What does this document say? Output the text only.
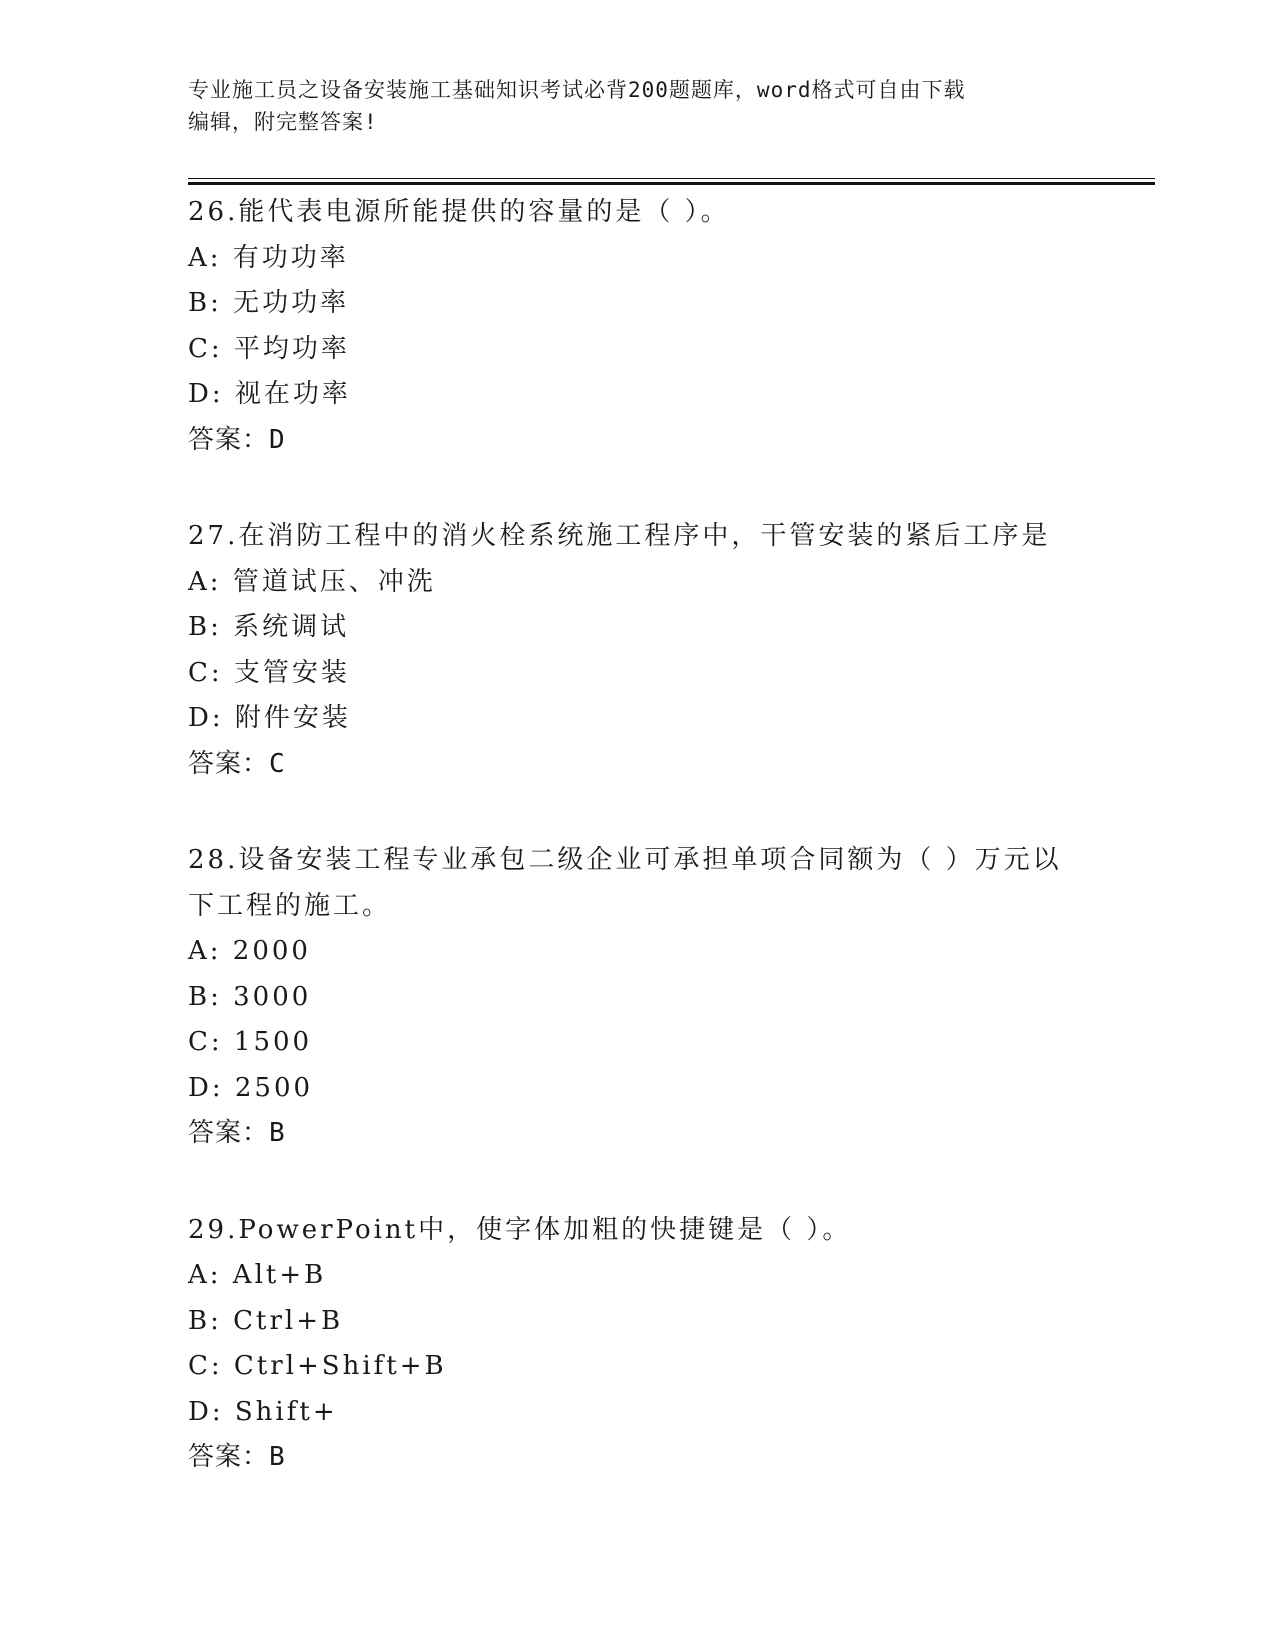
专业施工员之设备安装施工基础知识考试必背200题题库，word格式可自由下载
编辑，附完整答案!
26.能代表电源所能提供的容量的是（ ）。
A: 有功功率
B: 无功功率
C: 平均功率
D: 视在功率
答案：D
27.在消防工程中的消火栓系统施工程序中，干管安装的紧后工序是
A: 管道试压、冲洗
B: 系统调试
C: 支管安装
D: 附件安装
答案：C
28.设备安装工程专业承包二级企业可承担单项合同额为（ ）万元以
下工程的施工。
A: 2000
B: 3000
C: 1500
D: 2500
答案：B
29.PowerPoint中，使字体加粗的快捷键是（ ）。
A: Alt+B
B: Ctrl+B
C: Ctrl+Shift+B
D: Shift+
答案：B
